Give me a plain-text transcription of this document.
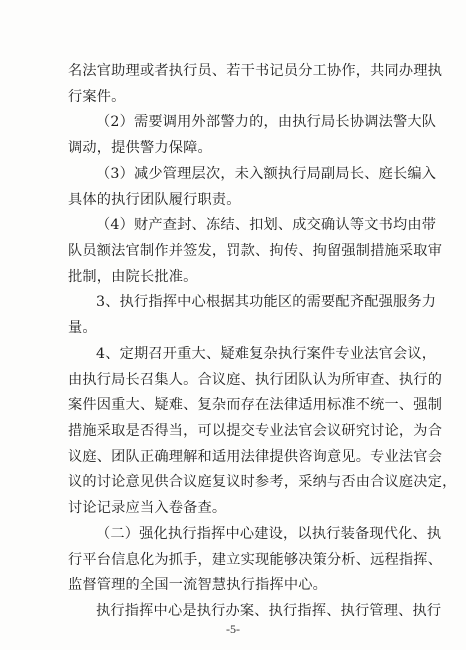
名法官助理或者执行员、若干书记员分工协作，共同办理执
行案件。
（2）需要调用外部警力的，由执行局长协调法警大队
调动，提供警力保障。
（3）减少管理层次，未入额执行局副局长、庭长编入
具体的执行团队履行职责。
（4）财产查封、冻结、扣划、成交确认等文书均由带
队员额法官制作并签发，罚款、拘传、拘留强制措施采取审
批制，由院长批准。
3、执行指挥中心根据其功能区的需要配齐配强服务力
量。
4、定期召开重大、疑难复杂执行案件专业法官会议，
由执行局长召集人。合议庭、执行团队认为所审查、执行的
案件因重大、疑难、复杂而存在法律适用标准不统一、强制
措施采取是否得当，可以提交专业法官会议研究讨论，为合
议庭、团队正确理解和适用法律提供咨询意见。专业法官会
议的讨论意见供合议庭复议时参考，采纳与否由合议庭决定，
讨论记录应当入卷备查。
（二）强化执行指挥中心建设，以执行装备现代化、执
行平台信息化为抓手，建立实现能够决策分析、远程指挥、
监督管理的全国一流智慧执行指挥中心。
执行指挥中心是执行办案、执行指挥、执行管理、执行
-5-
